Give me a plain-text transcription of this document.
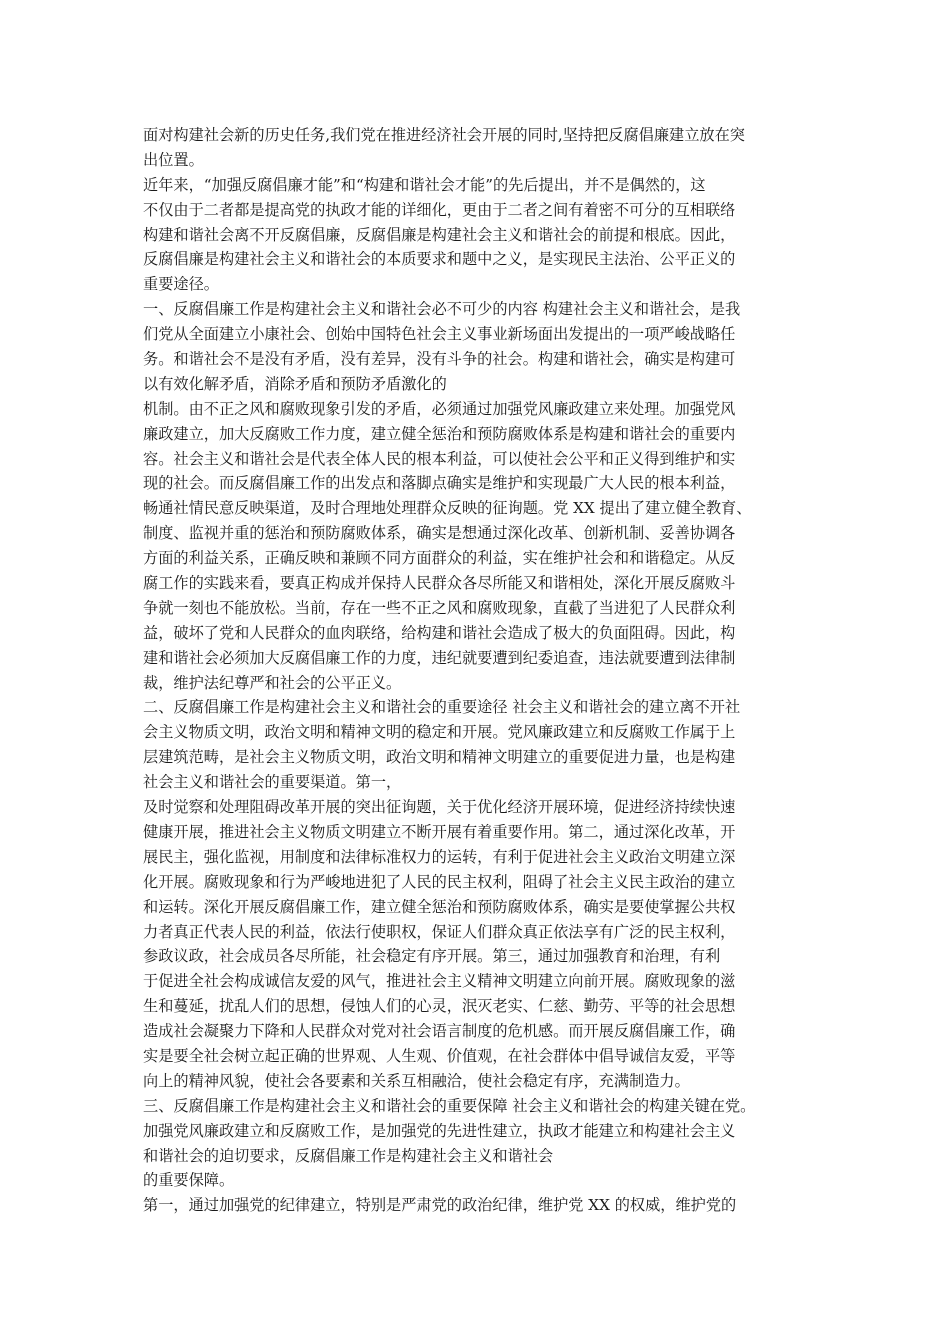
面对构建社会新的历史任务,我们党在推进经济社会开展的同时,坚持把反腐倡廉建立放在突
出位置。
近年来，“加强反腐倡廉才能”和“构建和谐社会才能”的先后提出，并不是偶然的，这
不仅由于二者都是提高党的执政才能的详细化，更由于二者之间有着密不可分的互相联络
构建和谐社会离不开反腐倡廉，反腐倡廉是构建社会主义和谐社会的前提和根底。因此，
反腐倡廉是构建社会主义和谐社会的本质要求和题中之义，是实现民主法治、公平正义的
重要途径。
一、反腐倡廉工作是构建社会主义和谐社会必不可少的内容 构建社会主义和谐社会，是我
们党从全面建立小康社会、创始中国特色社会主义事业新场面出发提出的一项严峻战略任
务。和谐社会不是没有矛盾，没有差异，没有斗争的社会。构建和谐社会，确实是构建可
以有效化解矛盾，消除矛盾和预防矛盾激化的
机制。由不正之风和腐败现象引发的矛盾，必须通过加强党风廉政建立来处理。加强党风
廉政建立，加大反腐败工作力度，建立健全惩治和预防腐败体系是构建和谐社会的重要内
容。社会主义和谐社会是代表全体人民的根本利益，可以使社会公平和正义得到维护和实
现的社会。而反腐倡廉工作的出发点和落脚点确实是维护和实现最广大人民的根本利益，
畅通社情民意反映渠道，及时合理地处理群众反映的征询题。党 XX 提出了建立健全教育、
制度、监视并重的惩治和预防腐败体系，确实是想通过深化改革、创新机制、妥善协调各
方面的利益关系，正确反映和兼顾不同方面群众的利益，实在维护社会和和谐稳定。从反
腐工作的实践来看，要真正构成并保持人民群众各尽所能又和谐相处，深化开展反腐败斗
争就一刻也不能放松。当前，存在一些不正之风和腐败现象，直截了当进犯了人民群众利
益，破坏了党和人民群众的血肉联络，给构建和谐社会造成了极大的负面阻碍。因此，构
建和谐社会必须加大反腐倡廉工作的力度，违纪就要遭到纪委追查，违法就要遭到法律制
裁，维护法纪尊严和社会的公平正义。
二、反腐倡廉工作是构建社会主义和谐社会的重要途径 社会主义和谐社会的建立离不开社
会主义物质文明，政治文明和精神文明的稳定和开展。党风廉政建立和反腐败工作属于上
层建筑范畴，是社会主义物质文明，政治文明和精神文明建立的重要促进力量，也是构建
社会主义和谐社会的重要渠道。第一，
及时觉察和处理阻碍改革开展的突出征询题，关于优化经济开展环境，促进经济持续快速
健康开展，推进社会主义物质文明建立不断开展有着重要作用。第二，通过深化改革，开
展民主，强化监视，用制度和法律标准权力的运转，有利于促进社会主义政治文明建立深
化开展。腐败现象和行为严峻地进犯了人民的民主权利，阻碍了社会主义民主政治的建立
和运转。深化开展反腐倡廉工作，建立健全惩治和预防腐败体系，确实是要使掌握公共权
力者真正代表人民的利益，依法行使职权，保证人们群众真正依法享有广泛的民主权利，
参政议政，社会成员各尽所能，社会稳定有序开展。第三，通过加强教育和治理，有利
于促进全社会构成诚信友爱的风气，推进社会主义精神文明建立向前开展。腐败现象的滋
生和蔓延，扰乱人们的思想，侵蚀人们的心灵，泯灭老实、仁慈、勤劳、平等的社会思想
造成社会凝聚力下降和人民群众对党对社会语言制度的危机感。而开展反腐倡廉工作，确
实是要全社会树立起正确的世界观、人生观、价值观，在社会群体中倡导诚信友爱，平等
向上的精神风貌，使社会各要素和关系互相融洽，使社会稳定有序，充满制造力。
三、反腐倡廉工作是构建社会主义和谐社会的重要保障 社会主义和谐社会的构建关键在党。
加强党风廉政建立和反腐败工作，是加强党的先进性建立，执政才能建立和构建社会主义
和谐社会的迫切要求，反腐倡廉工作是构建社会主义和谐社会
的重要保障。
第一，通过加强党的纪律建立，特别是严肃党的政治纪律，维护党 XX 的权威，维护党的
